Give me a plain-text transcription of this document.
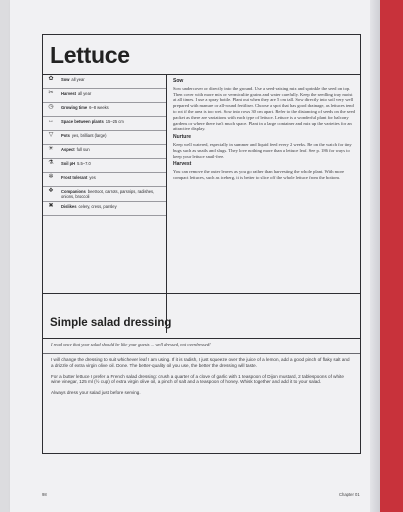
Lettuce
✿	Sow all year
✂	Harvest all year
◷	Growing time 6–8 weeks
↔ Space between plants 15–25 cm
▽	Pots yes, brilliant (large)
☀	Aspect full sun
⚗	Soil pH 5.5–7.0
✲	Frost tolerant yes
❖	Companions beetroot, carrots, parsnips, radishes, onions, broccoli
✖	Dislikes celery, cress, parsley
Sow

Sow undercover or directly into the ground. Use a seed-raising mix and sprinkle the seed on top. Then cover with more mix or vermiculite grains and water carefully. Keep the seedling tray moist at all times. I use a spray bottle. Plant out when they are 5 cm tall. Sow directly into soil very well prepared with manure or all-round fertiliser. Choose a spot that has good drainage, as lettuces tend to rot if the area is too wet. Sow into rows 30 cm apart. Refer to the distancing of seeds on the seed packet as there are variations with each type of lettuce. Lettuce is a wonderful plant for balcony gardens or where there isn't much space. Plant in a large container and mix up the varieties for an attractive display.

Nurture

Keep well watered, especially in summer and liquid feed every 2 weeks. Be on the watch for tiny bugs such as snails and slugs. They love nothing more than a lettuce leaf. See p. 186 for ways to keep your lettuce snail-free.

Harvest

You can remove the outer leaves as you go rather than harvesting the whole plant. With more compact lettuces, such as iceberg, it is better to slice off the whole lettuce from the bottom.

Simple salad dressing
I read once that your salad should be like your guests ... well dressed, not overdressed!

I will change the dressing to suit whichever leaf I am using. If it is radish, I just squeeze over the juice of a lemon, add a good pinch of flaky salt and a drizzle of extra virgin olive oil. Done. The better-quality oil you use, the better the dressing will taste.

For a butter lettuce I prefer a French salad dressing: crush a quarter of a clove of garlic with 1 teaspoon of Dijon mustard, 2 tablespoons of white wine vinegar, 125 ml (½ cup) of extra virgin olive oil, a pinch of salt and a teaspoon of honey. Whisk together and add it to your salad.

Always dress your salad just before serving.

98	Chapter 01
